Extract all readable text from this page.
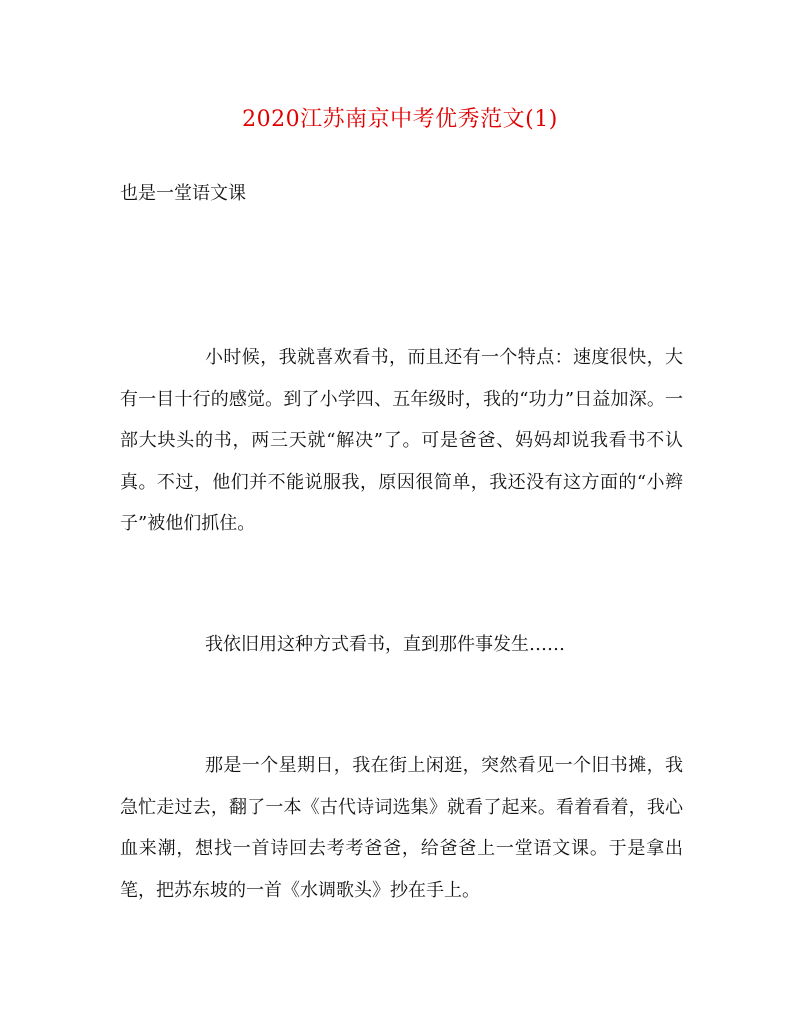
2020江苏南京中考优秀范文(1)
也是一堂语文课

小时候，我就喜欢看书，而且还有一个特点：速度很快，大有一目十行的感觉。到了小学四、五年级时，我的“功力”日益加深。一部大块头的书，两三天就“解决”了。可是爸爸、妈妈却说我看书不认真。不过，他们并不能说服我，原因很简单，我还没有这方面的“小辫子”被他们抓住。

我依旧用这种方式看书，直到那件事发生……

那是一个星期日，我在街上闲逛，突然看见一个旧书摊，我急忙走过去，翻了一本《古代诗词选集》就看了起来。看着看着，我心血来潮，想找一首诗回去考考爸爸，给爸爸上一堂语文课。于是拿出笔，把苏东坡的一首《水调歌头》抄在手上。
